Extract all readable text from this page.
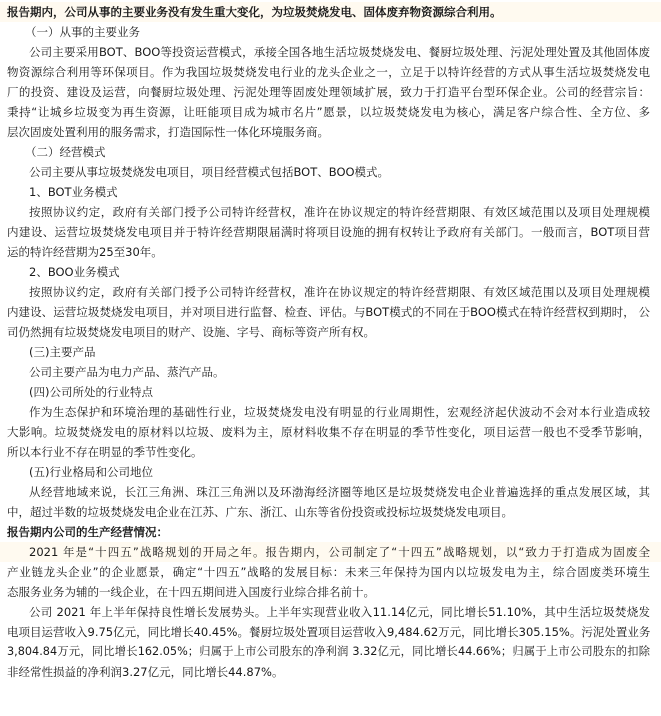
报告期内，公司从事的主要业务没有发生重大变化，为垃圾焚烧发电、固体废弃物资源综合利用。
（一）从事的主要业务
公司主要采用BOT、BOO等投资运营模式，承接全国各地生活垃圾焚烧发电、餐厨垃圾处理、污泥处理处置及其他固体废
物资源综合利用等环保项目。作为我国垃圾焚烧发电行业的龙头企业之一，立足于以特许经营的方式从事生活垃圾焚烧发电
厂的投资、建设及运营，向餐厨垃圾处理、污泥处理等固废处理领域扩展，致力于打造平台型环保企业。公司的经营宗旨：
秉持“让城乡垃圾变为再生资源，让旺能项目成为城市名片”愿景，以垃圾焚烧发电为核心，满足客户综合性、全方位、多
层次固废处置利用的服务需求，打造国际性一体化环境服务商。
（二）经营模式
公司主要从事垃圾焚烧发电项目，项目经营模式包括BOT、BOO模式。
1、BOT业务模式
按照协议约定，政府有关部门授予公司特许经营权，准许在协议规定的特许经营期限、有效区域范围以及项目处理规模
内建设、运营垃圾焚烧发电项目并于特许经营期限届满时将项目设施的拥有权转让予政府有关部门。一般而言，BOT项目营
运的特许经营期为25至30年。
2、BOO业务模式
按照协议约定，政府有关部门授予公司特许经营权，准许在协议规定的特许经营期限、有效区域范围以及项目处理规模
内建设、运营垃圾焚烧发电项目，并对项目进行监督、检查、评估。与BOT模式的不同在于BOO模式在特许经营权到期时， 公
司仍然拥有垃圾焚烧发电项目的财产、设施、字号、商标等资产所有权。
(三)主要产品
公司主要产品为电力产品、蒸汽产品。
(四)公司所处的行业特点
作为生态保护和环境治理的基础性行业，垃圾焚烧发电没有明显的行业周期性，宏观经济起伏波动不会对本行业造成较
大影响。垃圾焚烧发电的原材料以垃圾、废料为主，原材料收集不存在明显的季节性变化，项目运营一般也不受季节影响，
所以本行业不存在明显的季节性变化。
(五)行业格局和公司地位
从经营地域来说，长江三角洲、珠江三角洲以及环渤海经济圈等地区是垃圾焚烧发电企业普遍选择的重点发展区域，其
中，超过半数的垃圾焚烧发电企业在江苏、广东、浙江、山东等省份投资或投标垃圾焚烧发电项目。
报告期内公司的生产经营情况：
2021 年是“十四五”战略规划的开局之年。报告期内，公司制定了“十四五”战略规划，以“致力于打造成为固废全
产业链龙头企业”的企业愿景，确定“十四五”战略的发展目标：未来三年保持为国内以垃圾发电为主，综合固废类环境生
态服务业务为辅的一线企业，在十四五期间进入国废行业综合排名前十。
公司 2021 年上半年保持良性增长发展势头。上半年实现营业收入11.14亿元，同比增长51.10%，其中生活垃圾焚烧发
电项目运营收入9.75亿元，同比增长40.45%。餐厨垃圾处置项目运营收入9,484.62万元，同比增长305.15%。污泥处置业务
3,804.84万元，同比增长162.05%；归属于上市公司股东的净利润 3.32亿元，同比增长44.66%；归属于上市公司股东的扣除
非经常性损益的净利润3.27亿元，同比增长44.87%。
